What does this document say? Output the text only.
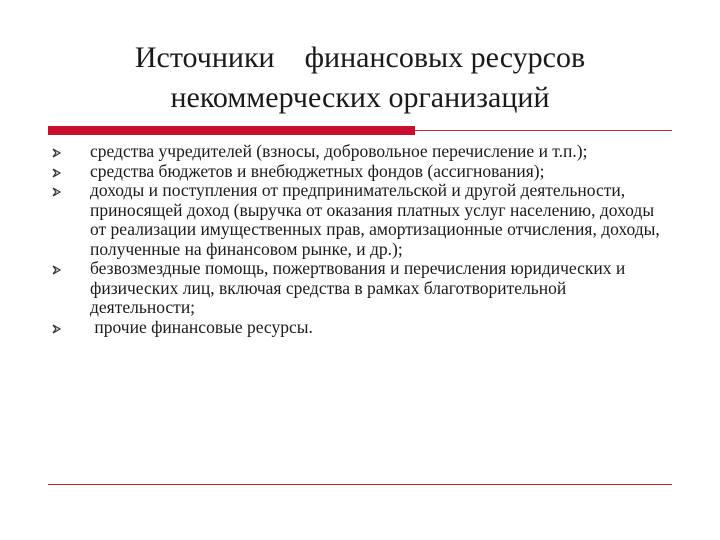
Источники    финансовых ресурсов
некоммерческих организаций
средства учредителей (взносы, добровольное перечисление и т.п.);
средства бюджетов и внебюджетных фондов (ассигнования);
доходы и поступления от предпринимательской и другой деятельности, приносящей доход (выручка от оказания платных услуг населению, доходы от реализации имущественных прав, амортизационные отчисления, доходы, полученные на финансовом рынке, и др.);
безвозмездные помощь, пожертвования и перечисления юридических и физических лиц, включая средства в рамках благотворительной деятельности;
прочие финансовые ресурсы.
